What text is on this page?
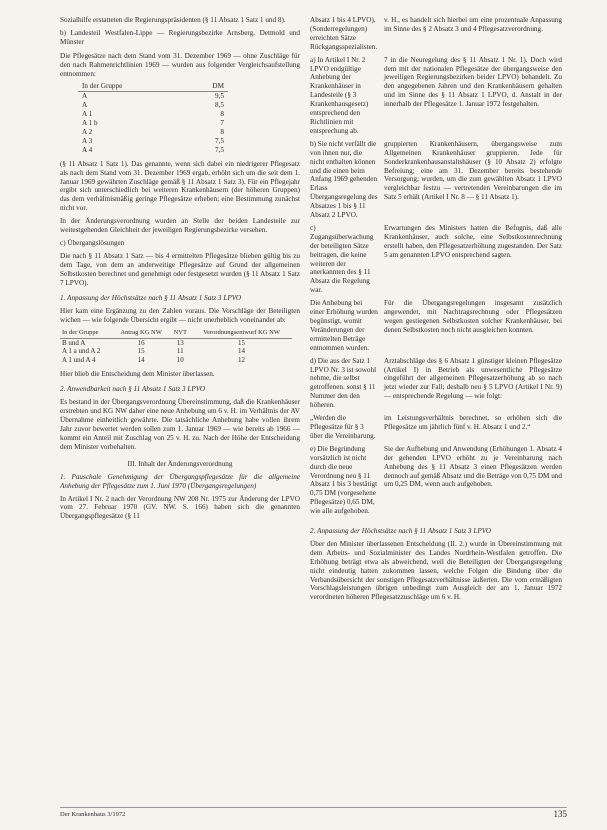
Sozialhilfe erstatteten die Regierungspräsidenten (§ 11 Absatz 1 Satz 1 und 8).

b) Landesteil Westfalen-Lippe — Regierungsbezirke Arnsberg, Detmold und Münster

Die Pflegesätze nach dem Stand vom 31. Dezember 1969 — ohne Zuschläge für den nach Rahmenrichtlinien 1969 — wurden aus folgender Vergleichsaufstellung entnommen:

In der Gruppe	DM
A	9,5
A	8,5
A 1	8
A 1 b	7
A 2	8
A 3	7,5
A 4	7,5

(§ 11 Absatz 1 Satz 1). Das genannte, wenn sich dabei ein niedrigerer Pflegesatz als nach dem Stand vom 31. Dezember 1969 ergab, erhöht sich um die seit dem 1. Januar 1969 gewährten Zuschläge gemäß § 11 Absatz 1 Satz 3). Für ein Pflegejahr ergibt sich unterschiedlich bei weiteren Krankenhäusern (der höheren Gruppen) das dem verhältnismäßig geringe Pflegesätze erheben; eine Bestimmung zunächst nicht vor.

In der Änderungsverordnung wurden an Stelle der beiden Landesteile zur weitestgehenden Gleichheit der jeweiligen Regierungsbezirke versehen.

c) Übergangslösungen

Die nach § 11 Absatz 1 Satz — bis 4 ermittelten Pflegesätze blieben gültig bis zu dem Tage, von dem an anderweitige Pflegesätze auf Grund der allgemeinen Selbstkosten berechnet und genehmigt oder festgesetzt wurden (§ 11 Absatz 1 Satz 7 LPVO).

1. Anpassung der Höchstsätze nach § 11 Absatz 1 Satz 3 LPVO

Hier kam eine Ergänzung zu den Zahlen voraus. Die Vorschläge der Beteiligten wichen — wie folgende Übersicht ergibt — nicht unerheblich voneinander ab:

In der Gruppe	Antrag KG NW	NVT	Verordnungsentwurf KG NW
B und A	16	13	15
A 1 a und A 2	15	11	14
A 1 und A 4	14	10	12

Hier blieb die Entscheidung dem Minister überlassen.

2. Anwendbarkeit nach § 11 Absatz 1 Satz 3 LPVO

Es bestand in der Übergangsverordnung Übereinstimmung, daß die Krankenhäuser erstrebten und KG NW daher eine neue Anhebung um 6 v. H. im Verhältnis der AV Übernahme einheitlich gewährte. Die tatsächliche Anhebung habe vollen ihrem Jahr zuvor bewertet werden sollen zum 1. Januar 1969 — wie bereits ab 1966 — kommt ein Anteil mit Zuschlag von 25 v. H. zu. Nach der Höhe der Entscheidung dem Minister vorbehalten.

III. Inhalt der Änderungsverordnung

1. Pauschale Genehmigung der Übergangspflegesätze für die allgemeine Anhebung der Pflegesätze zum 1. Juni 1970 (Übergangsregelungen)

In Artikel I Nr. 2 nach der Verordnung NW 208 Nr. 1975 zur Änderung der LPVO vom 27. Februar 1970 (GV. NW. S. 166) haben sich die genannten Übergangspflegesätze (§ 11

Absatz 1 bis 4 LPVO), (Sonderregelungen) erreichten Sätze Rückgangsspezialisten.

v. H., es handelt sich hierbei um eine prozentuale Anpassung im Sinne des § 2 Absatz 3 und 4 Pflegesatzverordnung.

a) In Artikel I Nr. 2 LPVO endgültige Anhebung der Krankenhäuser in Landesteile (§ 3 Krankenhausgesetz) entsprechend den Richtlinien mit entsprechung ab.

7 in die Neuregelung des § 11 Absatz 1 Nr. 1). Doch wird dem mit der nationalen Pflegesätze der übergangsweise den jeweiligen Regierungsbezirken beider LPVO) behandelt. Zu den angegebenen Jahren und den Krankenhäusern gehalten und im Sinne des § 11 Absatz 1 LPVO, d. Anstalt in der innerhalb der Pflegesätze 1. Januar 1972 festgehalten.

b) Sie nicht verfällt die von ihnen nur, die nicht enthalten können und die einen beim Anfang 1969 gehenden Erlass Übergangsregelung des Absatzes 1 bis § 11 Absatz 2 LPVO.

gruppierten Krankenhäusern, übergangsweise zum Allgemeinen Krankenhäuser gruppieren. Jede für Sonderkrankenhausanstaltshäuser (§ 10 Absatz 2) erfolgte Befreiung; eine am 31. Dezember bereits bestehende Versorgung; wurden, um die zum gewählten Absatz 1 LPVO vergleichbar festzu — vertretenden Vereinbarungen die im Satz 5 erhält (Artikel I Nr. 8 — § 11 Absatz 1).

c) Zugangsüberwachung der beteiligten Sätze beitragen, die keine weiteren der anerkannten des § 11 Absatz die Regelung war.

Erwartungen des Ministers hatten die Befugnis, daß alle Krankenhäuser, auch solche, eine Selbstkostenrechnung erstellt haben, den Pflegesatzerhöhung zugestanden. Der Satz 5 am genannten LPVO entsprechend sagten.

Die Anhebung bei einer Erhöhung wurden begünstigt, womit Veränderungen der ermittelten Beträge entnommen wurden.

Für die Übergangsregelungen insgesamt zusätzlich angewendet, mit Nachtragsrechnung oder Pflegesätzen wegen gestiegenen Selbstkosten solcher Krankenhäuser, bei denen Selbstkosten noch nicht ausgleichen konnten.

d) Die aus der Satz 1 LPVO Nr. 3 ist sowohl nehme, die selbst getroffenen. sonst § 11 Nummer den den höheren.

Arztabschläge des § 6 Absatz 1 günstiger kleinen Pflegesätze (Artikel I) in Betrieb als unwesentliche Pflegesätze eingeführt der allgemeinen Pflegesatzerhöhung ab so nach jetzt wieder zur Fall; deshalb neu § 5 LPVO (Artikel I Nr. 9) — entsprechende Regelung — wie folgt:

„Werden die Pflegesätze für § 3 über die Vereinbarung.

im Leistungsverhältnis berechnet, so erhöhen sich die Pflegesätze um jährlich fünf v. H. Absatz 1 und 2.“

e) Die Begründung vorsätzlich ist nicht durch die neue Verordnung neu § 11 Absatz 1 bis 3 bestätigt 0,75 DM (vorgesehene Pflegesätze) 0,65 DM, wie alle aufgehoben.

Sie der Aufhebung und Anwendung (Erhöhungen 1. Absatz 4 der gehenden LPVO erhöht zu je Vereinbarung nach Anhebung des § 11 Absatz 3 einen Pflegesätzen werden dennoch auf gemäß Absatz und die Beträge von 0,75 DM und um 0,25 DM, wenn auch aufgehoben.

2. Anpassung der Höchstsätze nach § 11 Absatz 1 Satz 3 LPVO

Über den Minister überlassenen Entscheidung (II. 2.) wurde in Übereinstimmung mit dem Arbeits- und Sozialminister des Landes Nordrhein-Westfalen getroffen. Die Erhöhung beträgt etwa als abweichend, weil die Beteiligten der Übergangsregelung nicht eindeutig hatten zukommen lassen, welche Folgen die Bindung über die Verbandsübersicht der sonstigen Pflegesatzverhältnisse äußerten. Die vom ermäßigten Vorschlagsleistungen übrigen unbedingt zum Ausgleich der am 1. Januar 1972 verordneten höheren Pflegesatzzuschläge um 6 v. H.

Der Krankenhaus 3/1972	135
